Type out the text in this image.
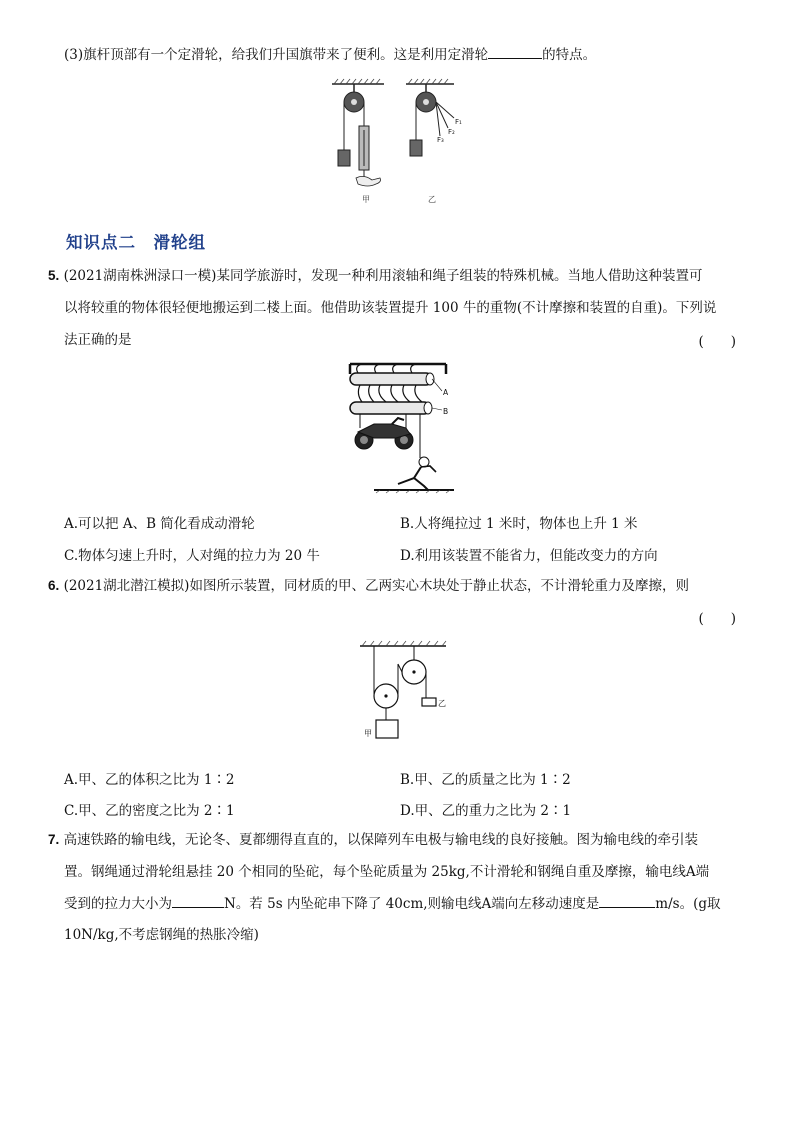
(3)旗杆顶部有一个定滑轮，给我们升国旗带来了便利。这是利用定滑轮	的特点。
甲
F₁
F₂
F₃
乙
知识点二　滑轮组
5. (2021湖南株洲渌口一模)某同学旅游时，发现一种利用滚轴和绳子组装的特殊机械。当地人借助这种装置可
以将较重的物体很轻便地搬运到二楼上面。他借助该装置提升 100 牛的重物(不计摩擦和装置的自重)。下列说
法正确的是	(　　)
A
B
A.可以把 A、B 简化看成动滑轮	B.人将绳拉过 1 米时，物体也上升 1 米
C.物体匀速上升时，人对绳的拉力为 20 牛	D.利用该装置不能省力，但能改变力的方向
6. (2021湖北潜江模拟)如图所示装置，同材质的甲、乙两实心木块处于静止状态，不计滑轮重力及摩擦，则
(　　)
乙
甲
A.甲、乙的体积之比为 1∶2	B.甲、乙的质量之比为 1∶2
C.甲、乙的密度之比为 2∶1	D.甲、乙的重力之比为 2∶1
7. 高速铁路的输电线，无论冬、夏都绷得直直的，以保障列车电极与输电线的良好接触。图为输电线的牵引装
置。钢绳通过滑轮组悬挂 20 个相同的坠砣，每个坠砣质量为 25kg,不计滑轮和钢绳自重及摩擦，输电线A端
受到的拉力大小为	N。若 5s 内坠砣串下降了 40cm,则输电线A端向左移动速度是	m/s。(g取
10N/kg,不考虑钢绳的热胀冷缩)
